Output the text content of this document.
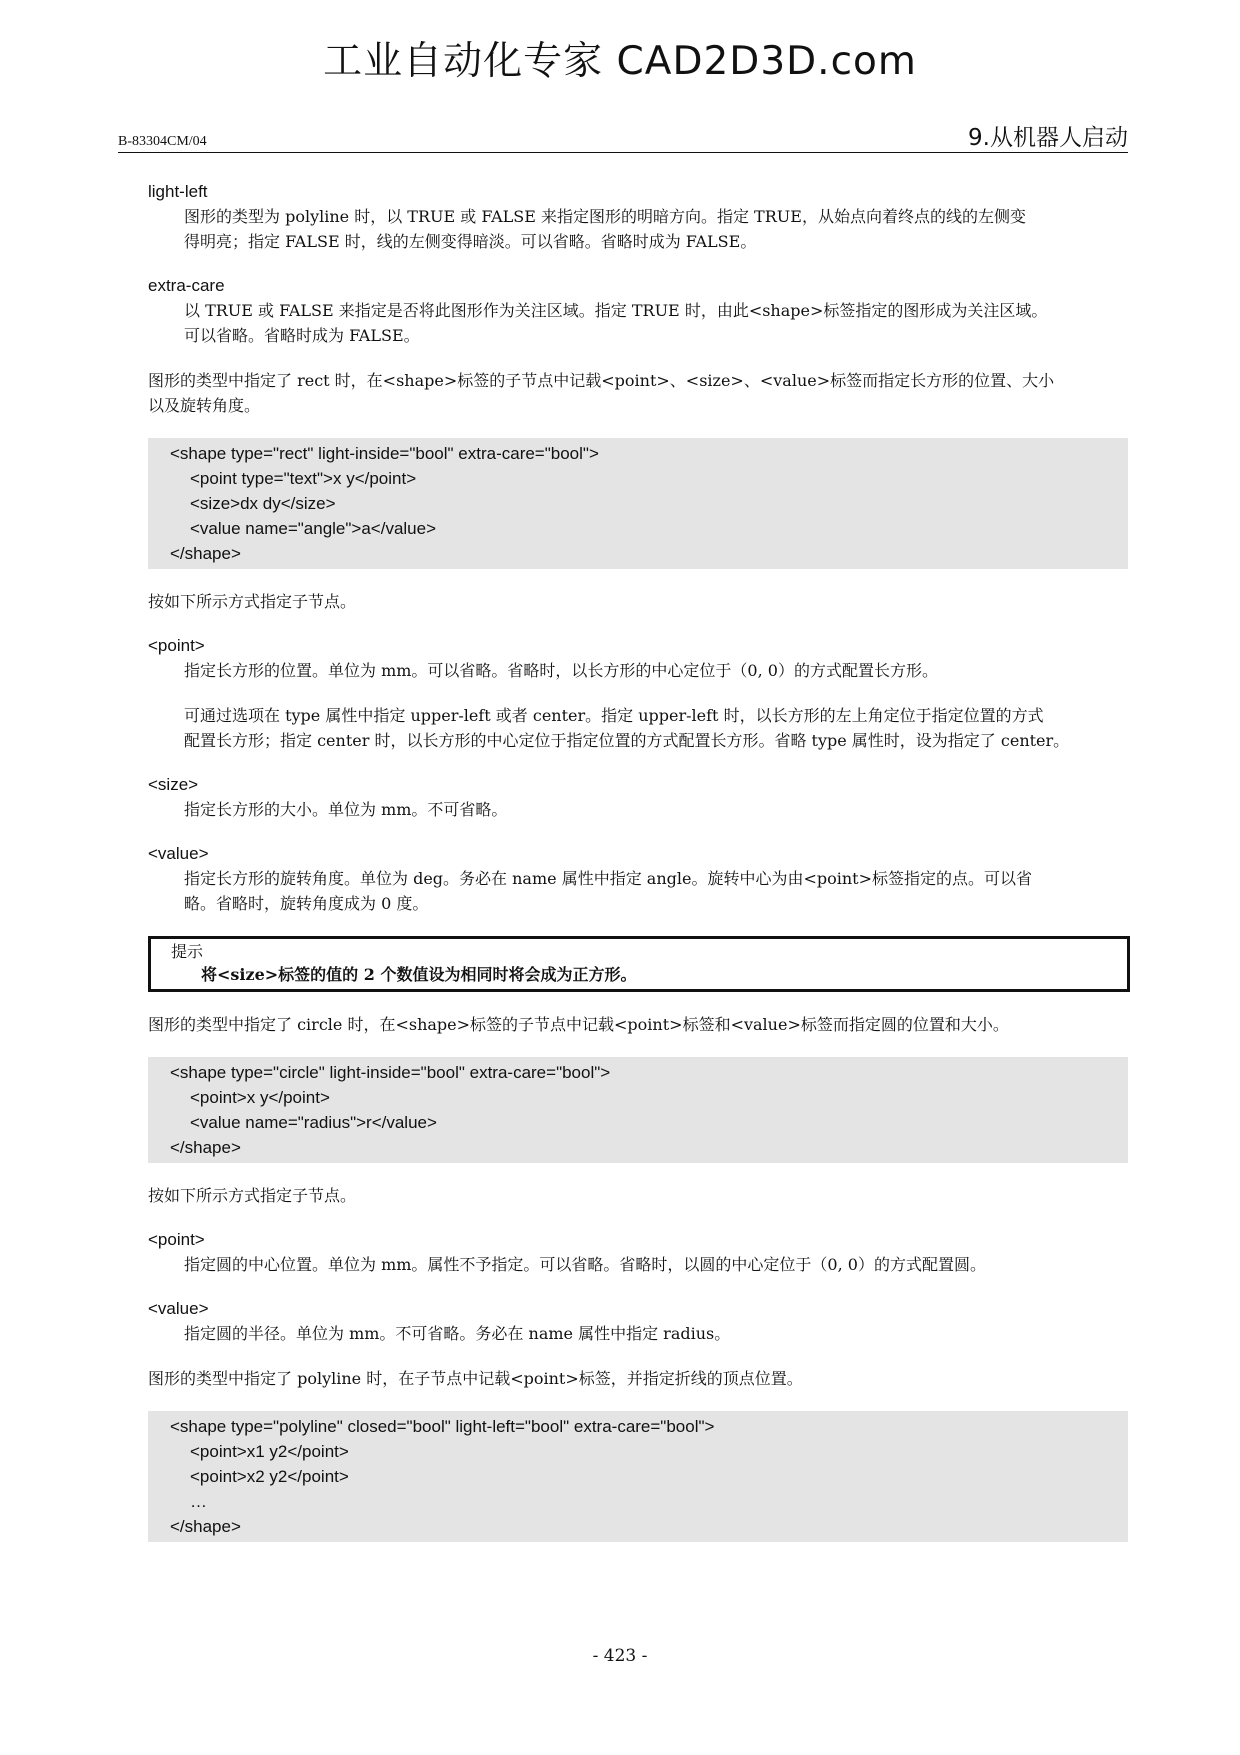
工业自动化专家 CAD2D3D.com
B-83304CM/04	9.从机器人启动

light-left

图形的类型为 polyline 时，以 TRUE 或 FALSE 来指定图形的明暗方向。指定 TRUE，从始点向着终点的线的左侧变

得明亮；指定 FALSE 时，线的左侧变得暗淡。可以省略。省略时成为 FALSE。

extra-care

以 TRUE 或 FALSE 来指定是否将此图形作为关注区域。指定 TRUE 时，由此<shape>标签指定的图形成为关注区域。

可以省略。省略时成为 FALSE。

图形的类型中指定了 rect 时，在<shape>标签的子节点中记载<point>、<size>、<value>标签而指定长方形的位置、大小

以及旋转角度。

<shape type="rect" light-inside="bool" extra-care="bool">
<point type="text">x y</point>
<size>dx dy</size>
<value name="angle">a</value>
</shape>

按如下所示方式指定子节点。

<point>

指定长方形的位置。单位为 mm。可以省略。省略时，以长方形的中心定位于（0, 0）的方式配置长方形。

可通过选项在 type 属性中指定 upper-left 或者 center。指定 upper-left 时，以长方形的左上角定位于指定位置的方式

配置长方形；指定 center 时，以长方形的中心定位于指定位置的方式配置长方形。省略 type 属性时，设为指定了 center。

<size>

指定长方形的大小。单位为 mm。不可省略。

<value>

指定长方形的旋转角度。单位为 deg。务必在 name 属性中指定 angle。旋转中心为由<point>标签指定的点。可以省

略。省略时，旋转角度成为 0 度。

提示
将<size>标签的值的 2 个数值设为相同时将会成为正方形。

图形的类型中指定了 circle 时，在<shape>标签的子节点中记载<point>标签和<value>标签而指定圆的位置和大小。

<shape type="circle" light-inside="bool" extra-care="bool">
<point>x y</point>
<value name="radius">r</value>
</shape>

按如下所示方式指定子节点。

<point>

指定圆的中心位置。单位为 mm。属性不予指定。可以省略。省略时，以圆的中心定位于（0, 0）的方式配置圆。

<value>

指定圆的半径。单位为 mm。不可省略。务必在 name 属性中指定 radius。

图形的类型中指定了 polyline 时，在子节点中记载<point>标签，并指定折线的顶点位置。

<shape type="polyline" closed="bool" light-left="bool" extra-care="bool">
<point>x1 y2</point>
<point>x2 y2</point>
…
</shape>
- 423 -
